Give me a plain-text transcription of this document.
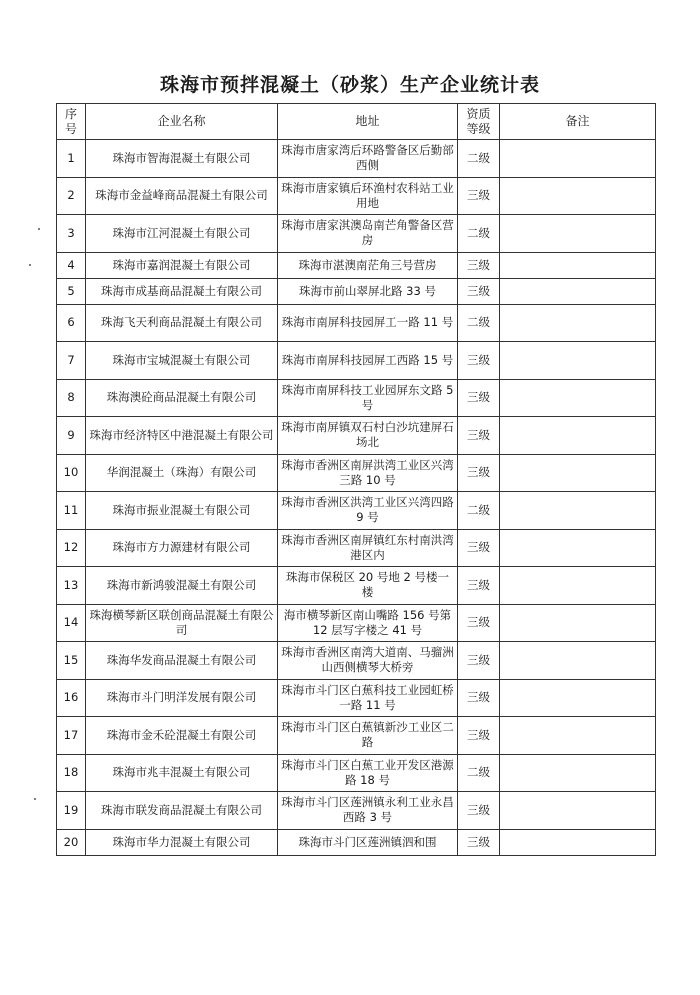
珠海市预拌混凝土（砂浆）生产企业统计表
序号	企业名称	地址	资质等级	备注
1	珠海市智海混凝土有限公司	珠海市唐家湾后环路警备区后勤部西侧	二级	
2	珠海市金益峰商品混凝土有限公司	珠海市唐家镇后环渔村农科站工业用地	三级	
3	珠海市江河混凝土有限公司	珠海市唐家淇澳岛南芒角警备区营房	二级	
4	珠海市嘉润混凝土有限公司	珠海市湛澳南茫角三号营房	三级	
5	珠海市成基商品混凝土有限公司	珠海市前山翠屏北路 33 号	三级	
6	珠海飞天利商品混凝土有限公司	珠海市南屏科技园屏工一路 11 号	二级	
7	珠海市宝城混凝土有限公司	珠海市南屏科技园屏工西路 15 号	三级	
8	珠海澳砼商品混凝土有限公司	珠海市南屏科技工业园屏东文路 5 号	三级	
9	珠海市经济特区中港混凝土有限公司	珠海市南屏镇双石村白沙坑建屏石场北	三级	
10	华润混凝土（珠海）有限公司	珠海市香洲区南屏洪湾工业区兴湾三路 10 号	三级	
11	珠海市振业混凝土有限公司	珠海市香洲区洪湾工业区兴湾四路 9 号	二级	
12	珠海市方力源建材有限公司	珠海市香洲区南屏镇红东村南洪湾港区内	三级	
13	珠海市新鸿骏混凝土有限公司	珠海市保税区 20 号地 2 号楼一楼	三级	
14	珠海横琴新区联创商品混凝土有限公司	海市横琴新区南山嘴路 156 号第 12 层写字楼之 41 号	三级	
15	珠海华发商品混凝土有限公司	珠海市香洲区南湾大道南、马骝洲山西侧横琴大桥旁	三级	
16	珠海市斗门明洋发展有限公司	珠海市斗门区白蕉科技工业园虹桥一路 11 号	三级	
17	珠海市金禾砼混凝土有限公司	珠海市斗门区白蕉镇新沙工业区二路	三级	
18	珠海市兆丰混凝土有限公司	珠海市斗门区白蕉工业开发区港源路 18 号	二级	
19	珠海市联发商品混凝土有限公司	珠海市斗门区莲洲镇永利工业永昌西路 3 号	三级	
20	珠海市华力混凝土有限公司	珠海市斗门区莲洲镇泗和围	三级	
